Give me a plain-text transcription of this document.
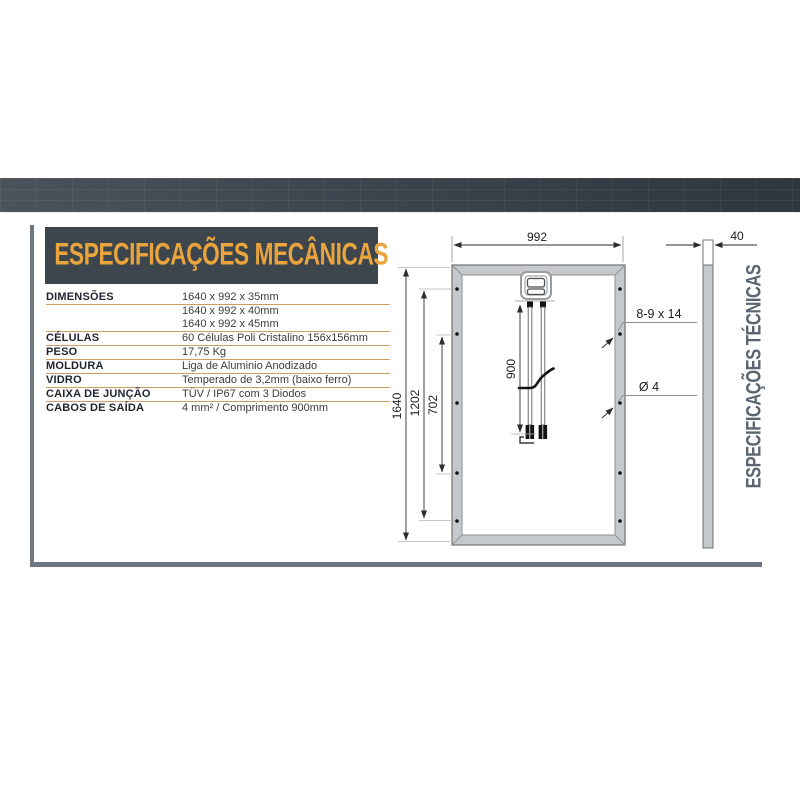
ESPECIFICAÇÕES MECÂNICAS
DIMENSÕES	1640 x 992 x 35mm
1640 x 992 x 40mm
1640 x 992 x 45mm
CÉLULAS	60 Células Poli Cristalino 156x156mm
PESO	17,75 Kg
MOLDURA	Liga de Aluminio Anodizado
VIDRO	Temperado de 3,2mm (baixo ferro)
CAIXA DE JUNÇÃO	TÜV / IP67 com 3 Diodos
CABOS DE SAÍDA	4 mm² / Comprimento 900mm
992
1640 1202 702
900
8-9 x 14
Ø 4
40
ESPECIFICAÇÕES TÉCNICAS
